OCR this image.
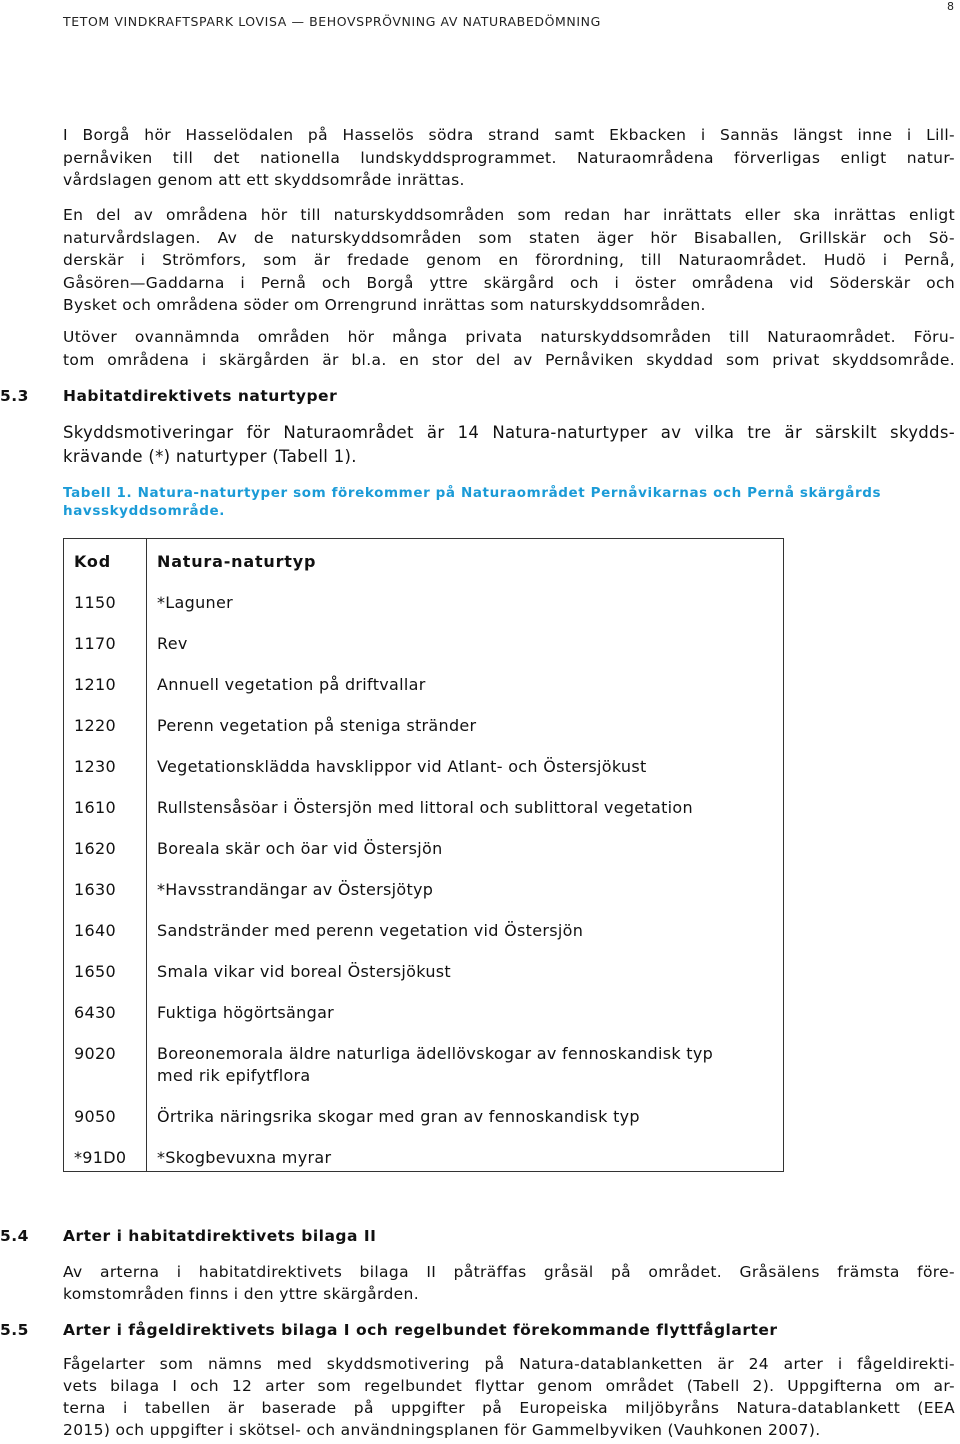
TETOM VINDKRAFTSPARK LOVISA — BEHOVSPRÖVNING AV NATURABEDÖMNING
8
I Borgå hör Hasselödalen på Hasselös södra strand samt Ekbacken i Sannäs längst inne i Lill-
pernåviken till det nationella lundskyddsprogrammet. Naturaområdena förverligas enligt natur-
vårdslagen genom att ett skyddsområde inrättas.
En del av områdena hör till naturskyddsområden som redan har inrättats eller ska inrättas enligt
naturvårdslagen. Av de naturskyddsområden som staten äger hör Bisaballen, Grillskär och Sö-
derskär i Strömfors, som är fredade genom en förordning, till Naturaområdet. Hudö i Pernå,
Gåsören—Gaddarna i Pernå och Borgå yttre skärgård och i öster områdena vid Söderskär och
Bysket och områdena söder om Orrengrund inrättas som naturskyddsområden.
Utöver ovannämnda områden hör många privata naturskyddsområden till Naturaområdet. Föru-
tom områdena i skärgården är bl.a. en stor del av Pernåviken skyddad som privat skyddsområde.
5.3 Habitatdirektivets naturtyper
Skyddsmotiveringar för Naturaområdet är 14 Natura-naturtyper av vilka tre är särskilt skydds-
krävande (*) naturtyper (Tabell 1).
Tabell 1. Natura-naturtyper som förekommer på Naturaområdet Pernåvikarnas och Pernå skärgårds
havsskyddsområde.
Kod	Natura-naturtyp
1150	*Laguner

1170	Rev

1210	Annuell vegetation på driftvallar

1220	Perenn vegetation på steniga stränder

1230	Vegetationsklädda havsklippor vid Atlant- och Östersjökust

1610	Rullstensåsöar i Östersjön med littoral och sublittoral vegetation

1620	Boreala skär och öar vid Östersjön

1630	*Havsstrandängar av Östersjötyp

1640	Sandstränder med perenn vegetation vid Östersjön

1650	Smala vikar vid boreal Östersjökust

6430	Fuktiga högörtsängar

9020	Boreonemorala äldre naturliga ädellövskogar av fennoskandisk typ
med rik epifytflora

9050	Örtrika näringsrika skogar med gran av fennoskandisk typ

*91D0	*Skogbevuxna myrar
5.4 Arter i habitatdirektivets bilaga II
Av arterna i habitatdirektivets bilaga II påträffas gråsäl på området. Gråsälens främsta före-
komstområden finns i den yttre skärgården.
5.5 Arter i fågeldirektivets bilaga I och regelbundet förekommande flyttfåglarter
Fågelarter som nämns med skyddsmotivering på Natura-datablanketten är 24 arter i fågeldirekti-
vets bilaga I och 12 arter som regelbundet flyttar genom området (Tabell 2). Uppgifterna om ar-
terna i tabellen är baserade på uppgifter på Europeiska miljöbyråns Natura-datablankett (EEA
2015) och uppgifter i skötsel- och användningsplanen för Gammelbyviken (Vauhkonen 2007).
